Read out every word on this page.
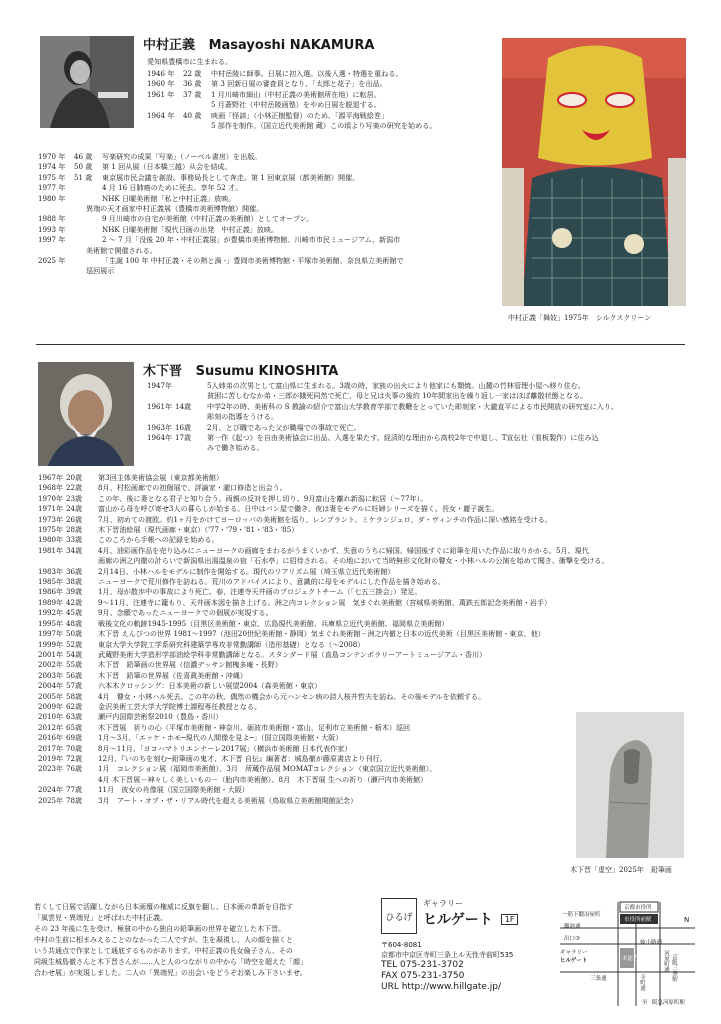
中村正義 Masayoshi NAKAMURA
愛知県豊橋市に生まれる。
1946 年	22 歳	中村岳陵に師事。日展に初入選。以後入選・特選を重ねる。
1960 年	36 歳	第 3 回新日展の審査員となり、「太郎と花子」を出品。
1961 年	37 歳	1 月川崎市細山（中村正義の美術館所在地）に転居。
5 月蒼野社（中村岳陵画塾）をやめ日展を脱退する。
1964 年	40 歳	映画「怪談」（小林正樹監督）のため、「源平海戦絵巻」
5 部作を制作。（国立近代美術館 蔵）この頃より写楽の研究を始める。
1970 年	46 歳	写楽研究の成果「写楽」（ノーベル書房）を出版。
1974 年	50 歳	第 1 回从展（日本橋三越）从会を結成。
1975 年	51 歳	東京展市民会議を創設。事務局長として奔走。第 1 回東京展（都美術館）開催。
1977 年	4 月 16 日肺癌のために死去。享年 52 才。
1980 年	NHK 日曜美術館「私と中村正義」放映。
異端の天才画家中村正義展（豊橋市美術博物館）開催。
1988 年	9 月川崎市の自宅が美術館（中村正義の美術館）としてオープン。
1993 年	NHK 日曜美術館「現代日画の出発　中村正義」放映。
1997 年	2 ～ 7 月「没後 20 年・中村正義展」が豊橋市美術博物館、川崎市市民ミュージアム、新潟市
美術館で開催される。
2025 年	「生誕 100 年 中村正義・その熱と渦 -」豊岡市美術博物館・平塚市美術館、奈良県立美術館で
巡回展示
中村正義「舞妓」1975年　シルクスクリーン
木下晋 Susumu KINOSHITA
1947年	5人姉弟の次男として富山県に生まれる。3歳の時、家族の出火により他家にも類焼。山麓の竹林管理小屋へ移り住む。
貧困に苦しむなか弟・三郎が餓死同然で死亡、母と兄は火事の後約 10年間家出を繰り返し一家はほぼ離散状態となる。
1961年 14歳	中学2年の時、美術科の S 教諭の紹介で富山大学教育学部で教鞭をとっていた彫刻家・大瀧直平による市民開放の研究室に入り、
彫刻の指導をうける。
1963年 16歳	2月、とび職であった父が職場での事故で死亡。
1964年 17歳	第一作《起つ》を自由美術協会に出品、入選を果たす。経済的な理由から高校2年で中退し、T宣伝社（看板製作）に住み込
みで働き始める。
1967年 20歳	第3回主体美術協会展（東京都美術館）
1968年 22歳	8月、村松画廊での初個展で、評論家・瀧口修造と出会う。
1970年 23歳	この年、後に妻となる君子と知り合う。両親の反対を押し切り、9月富山を離れ新潟に転居（～77年）。
1971年 24歳	富山から母を呼び寄せ3人の暮らしが始まる。日中はパン屋で働き、夜は妻をモデルに妊婦シリーズを描く。長女・麗子誕生。
1973年 26歳	7月、初めての渡欧。約1ヶ月をかけてヨーロッパの美術館を巡り、レンブラント、ミケランジェロ、ダ・ヴィンチの作品に深い感銘を受ける。
1975年 28歳	木下晋油絵展（現代画廊・東京）（'77・'79・'81・'83・'85）
1980年 33歳	このころから手帳への記録を始める。
1981年 34歳	4月、油彩画作品を売り込みにニューヨークの画廊をまわるがうまくいかず、失意のうちに帰国。帰国後すぐに鉛筆を用いた作品に取りかかる。5月、現代
画廊の洲之内徹の計らいで新潟県出湯温泉の宿「石水亭」に招待される。その地において当時無形文化財の瞽女・小林ハルの公演を始めて聞き、衝撃を受ける。
1983年 36歳	2月14日、小林ハルをモデルに制作を開始する。現代のリアリズム展（埼玉県立近代美術館）
1985年 38歳	ニューヨークで荒川修作を訪ねる。荒川のアドバイスにより、意識的に母をモデルにした作品を描き始める。
1986年 39歳	1月、母が散歩中の事故により死亡。春、注連寺天井画のプロジェクトチーム（「七五三掛会」）発足。
1989年 42歳	9～11月、注連寺に籠もり、天井画本図を描き上げる。洲之内コレクション展　気まぐれ美術館（宮城県美術館、萬鉄五郎記念美術館・岩手）
1992年 45歳	9月、念願であったニューヨークでの個展が実現する。
1995年 48歳	戦後文化の軌跡1945-1995（目黒区美術館・東京、広島現代美術館、兵庫県立近代美術館、福岡県立美術館）
1997年 50歳	木下晋 えんぴつの世界 1981～1997（池田20世紀美術館・静岡）気まぐれ美術館－洲之内徹と日本の近代美術（目黒区美術館・東京、他）
1999年 52歳	東京大学大学院工学系研究科建築学専攻非常勤講師（造形基礎）となる（～2008）
2001年 54歳	武蔵野美術大学造形学部油絵学科非常勤講師となる。スタンダード展（直島コンテンポラリーアートミュージアム・香川）
2002年 55歳	木下晋　鉛筆画の世界展（信濃デッサン館槐多庵・長野）
2003年 56歳	木下晋　鉛筆の世界展（佐喜眞美術館・沖縄）
2004年 57歳	六本木クロッシング：日本美術の新しい展望2004（森美術館・東京）
2005年 58歳	4月　瞽女・小林ハル死去。この年の秋、偶然の機会から元ハンセン病の詩人桜井哲夫を訪ね、その後モデルを依頼する。
2009年 62歳	金沢美術工芸大学大学院博士課程専任教授となる。
2010年 63歳	瀬戸内国際芸術祭2010（豊島・香川）
2012年 65歳	木下晋展　祈りの心（平塚市美術館・神奈川、砺波市美術館・富山、足利市立美術館・栃木）巡回
2016年 69歳	1月～3月、「エッケ・ホモ─現代の人間像を見よ─」（国立国際美術館・大阪）
2017年 70歳	8月～11月、「ヨコハマトリエンナーレ2017展」（横浜市美術館 日本代表作家）
2019年 72歳	12月、『いのちを刻む─鉛筆画の鬼才、木下晋 自伝』編著者：城島徹が藤原書店より刊行。
2023年 76歳	1月　コレクション展（福岡市美術館）、3月　所蔵作品展 MOMATコレクション（東京国立近代美術館）、
4月 木下晋展－神々しく美しいもの－（胎内市美術館）、8月　木下晋展 生への祈り（瀬戸内市美術館）
2024年 77歳	11月　彼女の肖像展（国立国際美術館・大阪）
2025年 78歳	3月　アート・オブ・ザ・リアル時代を超える美術展（鳥取県立美術館開館記念）
木下晋「虚空」2025年　鉛筆画
若くして日展で活躍しながら日本画壇の権威に反旗を翻し、日本画の革新を目指す
「風雲児・異端児」と呼ばれた中村正義。
その 23 年後に生を受け、極貧の中から独自の鉛筆画の世界を確立した木下晋。
中村の生前に相まみえることのなかった二人ですが、生を凝視し、人の顔を描くと
いう共通点で作家として通底するものがあります。中村正義の長女倫子さん、その
同級生城島徹さんと木下晋さんが……人と人のつながりの中から「時空を超えた「顔」
合わせ展」が実現しました。二人の「異端児」の出会いをどうぞお楽しみ下さいませ。
ひるげ
ギャラリー
ヒルゲート	1F
〒604-8081
京都市中京区寺町三条上ル天性寺前町535
TEL 075-231-3702
FAX 075-231-3750
URL http://www.hillgate.jp/
京都市役所
市役所前駅
御池通
姉小路通
三条通
本能寺	河原町通
寺町通
ギャラリー
ヒルゲート	京阪三条駅
至 阪急河原町駅
N
一筋下鍛冶屋町
出口③
